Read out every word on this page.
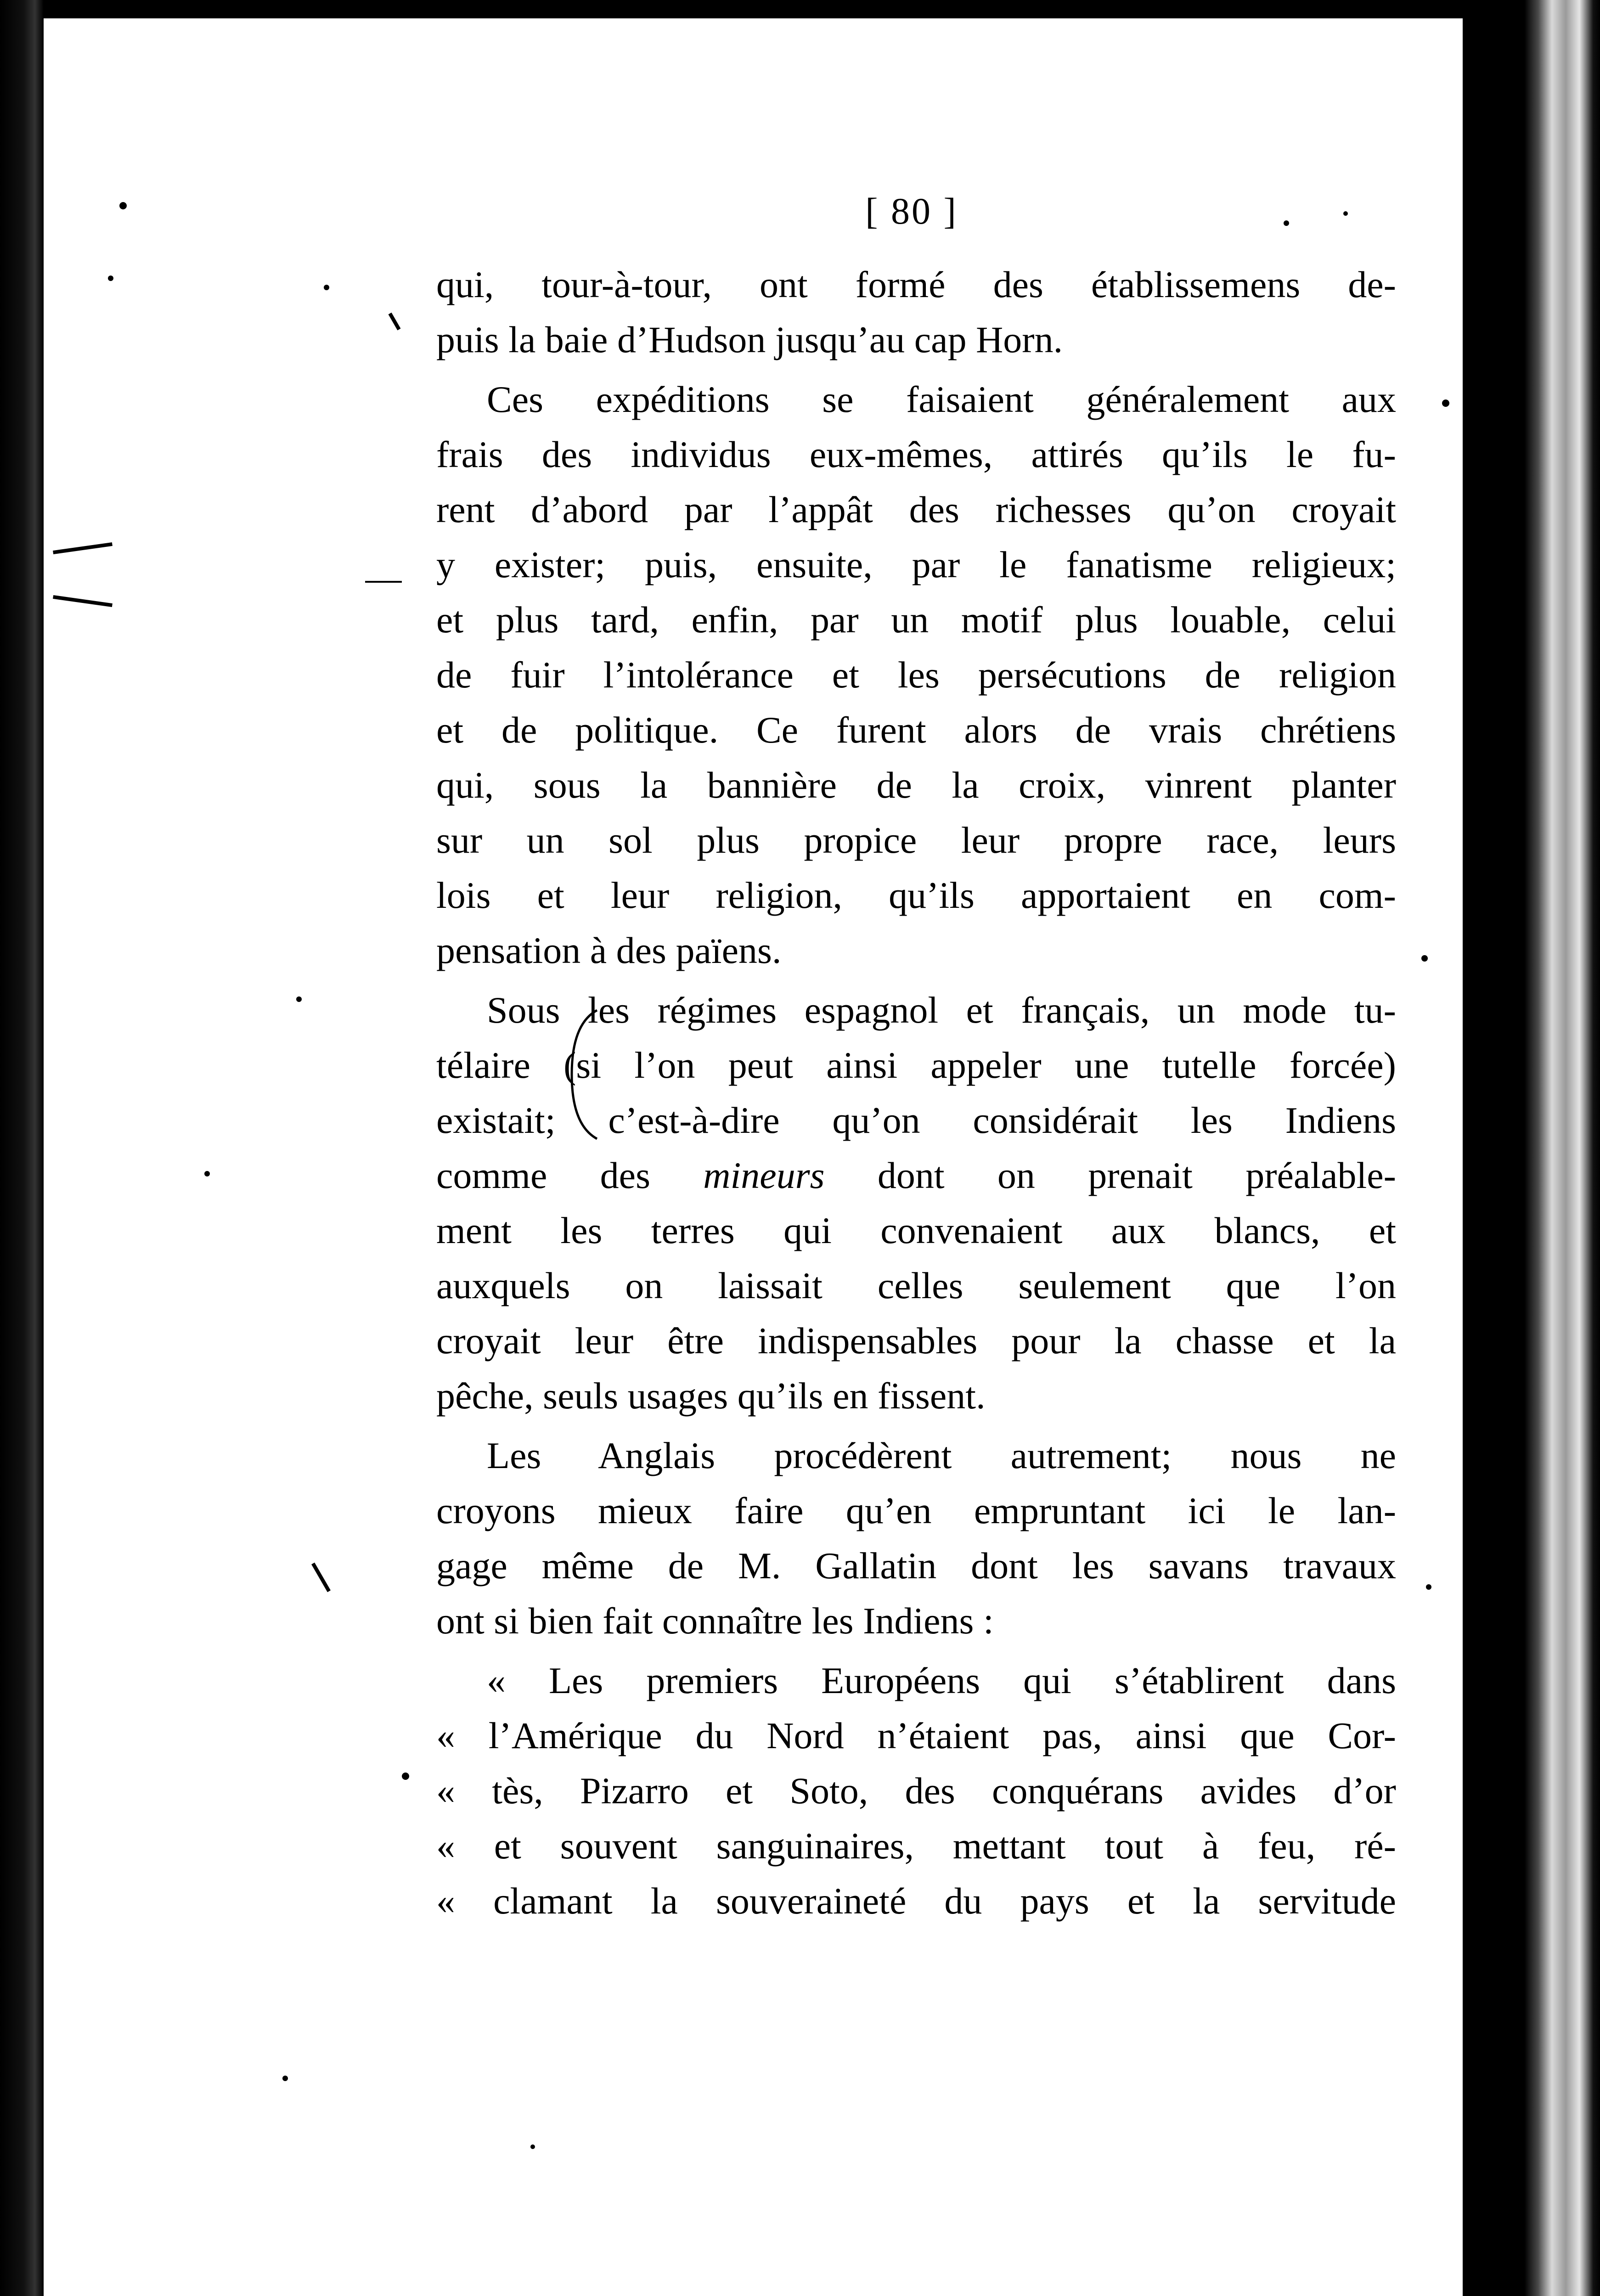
[ 80 ]
qui, tour-à-tour, ont formé des établissemens de-
puis la baie d’Hudson jusqu’au cap Horn.
Ces expéditions se faisaient généralement aux
frais des individus eux-mêmes, attirés qu’ils le fu-
rent d’abord par l’appât des richesses qu’on croyait
y exister; puis, ensuite, par le fanatisme religieux;
et plus tard, enfin, par un motif plus louable, celui
de fuir l’intolérance et les persécutions de religion
et de politique. Ce furent alors de vrais chrétiens
qui, sous la bannière de la croix, vinrent planter
sur un sol plus propice leur propre race, leurs
lois et leur religion, qu’ils apportaient en com-
pensation à des païens.
Sous les régimes espagnol et français, un mode tu-
télaire (si l’on peut ainsi appeler une tutelle forcée)
existait; c’est-à-dire qu’on considérait les Indiens
comme des mineurs dont on prenait préalable-
ment les terres qui convenaient aux blancs, et
auxquels on laissait celles seulement que l’on
croyait leur être indispensables pour la chasse et la
pêche, seuls usages qu’ils en fissent.
Les Anglais procédèrent autrement; nous ne
croyons mieux faire qu’en empruntant ici le lan-
gage même de M. Gallatin dont les savans travaux
ont si bien fait connaître les Indiens :
« Les premiers Européens qui s’établirent dans
« l’Amérique du Nord n’étaient pas, ainsi que Cor-
« tès, Pizarro et Soto, des conquérans avides d’or
« et souvent sanguinaires, mettant tout à feu, ré-
« clamant la souveraineté du pays et la servitude
